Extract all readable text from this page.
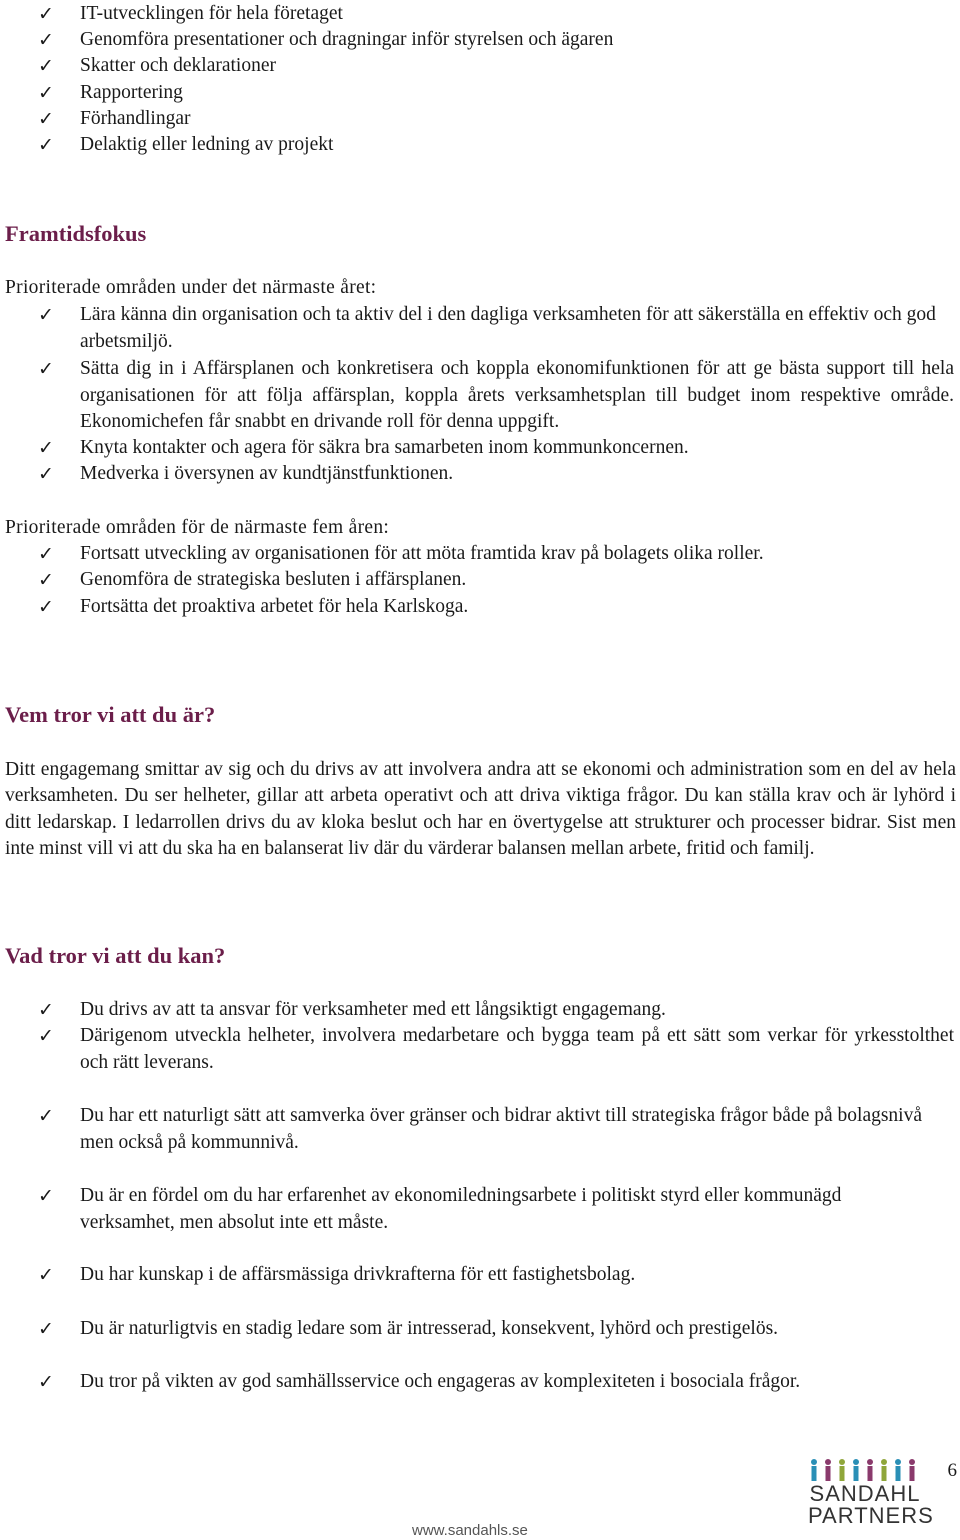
✓ IT-utvecklingen för hela företaget
✓ Genomföra presentationer och dragningar inför styrelsen och ägaren
✓ Skatter och deklarationer
✓ Rapportering
✓ Förhandlingar
✓ Delaktig eller ledning av projekt
Framtidsfokus
Prioriterade områden under det närmaste året:
✓ Lära känna din organisation och ta aktiv del i den dagliga verksamheten för att säkerställa en effektiv och god arbetsmiljö.
✓ Sätta dig in i Affärsplanen och konkretisera och koppla ekonomifunktionen för att ge bästa support till hela organisationen för att följa affärsplan, koppla årets verksamhetsplan till budget inom respektive område. Ekonomichefen får snabbt en drivande roll för denna uppgift.
✓ Knyta kontakter och agera för säkra bra samarbeten inom kommunkoncernen.
✓ Medverka i översynen av kundtjänstfunktionen.
Prioriterade områden för de närmaste fem åren:
✓ Fortsatt utveckling av organisationen för att möta framtida krav på bolagets olika roller.
✓ Genomföra de strategiska besluten i affärsplanen.
✓ Fortsätta det proaktiva arbetet för hela Karlskoga.
Vem tror vi att du är?
Ditt engagemang smittar av sig och du drivs av att involvera andra att se ekonomi och administration som en del av hela verksamheten. Du ser helheter, gillar att arbeta operativt och att driva viktiga frågor. Du kan ställa krav och är lyhörd i ditt ledarskap. I ledarrollen drivs du av kloka beslut och har en övertygelse att strukturer och processer bidrar. Sist men inte minst vill vi att du ska ha en balanserat liv där du värderar balansen mellan arbete, fritid och familj.
Vad tror vi att du kan?
✓ Du drivs av att ta ansvar för verksamheter med ett långsiktigt engagemang.
✓ Därigenom utveckla helheter, involvera medarbetare och bygga team på ett sätt som verkar för yrkesstolthet och rätt leverans.
✓ Du har ett naturligt sätt att samverka över gränser och bidrar aktivt till strategiska frågor både på bolagsnivå men också på kommunnivå.
✓ Du är en fördel om du har erfarenhet av ekonomiledningsarbete i politiskt styrd eller kommunägd verksamhet, men absolut inte ett måste.
✓ Du har kunskap i de affärsmässiga drivkrafterna för ett fastighetsbolag.
✓ Du är naturligtvis en stadig ledare som är intresserad, konsekvent, lyhörd och prestigelös.
✓ Du tror på vikten av god samhällsservice och engageras av komplexiteten i bosociala frågor.
6
SANDAHL
PARTNERS
www.sandahls.se
